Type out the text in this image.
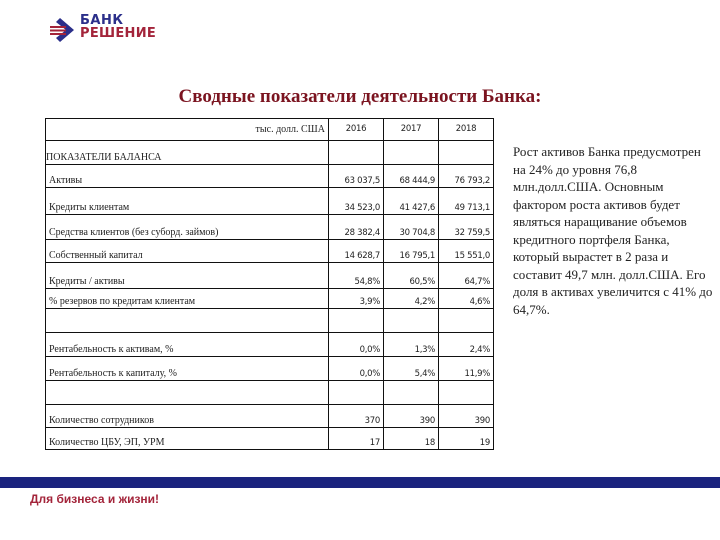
БАНК
РЕШЕНИЕ
Сводные показатели деятельности Банка:
тыс. долл. США	2016	2017	2018
ПОКАЗАТЕЛИ БАЛАНСА			
Активы	63 037,5	68 444,9	76 793,2
Кредиты клиентам	34 523,0	41 427,6	49 713,1
Средства клиентов (без суборд. займов)	28 382,4	30 704,8	32 759,5
Собственный капитал	14 628,7	16 795,1	15 551,0
Кредиты / активы	54,8%	60,5%	64,7%
% резервов по кредитам клиентам	3,9%	4,2%	4,6%

Рентабельность к активам, %	0,0%	1,3%	2,4%
Рентабельность к капиталу, %	0,0%	5,4%	11,9%

Количество сотрудников	370	390	390
Количество ЦБУ, ЭП, УРМ	17	18	19
Рост активов Банка предусмотрен на 24% до уровня 76,8 млн.долл.США. Основным фактором роста активов будет являться наращивание объемов кредитного портфеля Банка, который вырастет в 2 раза и составит 49,7 млн. долл.США. Его доля в активах увеличится с 41% до 64,7%.
Для бизнеса и жизни!
